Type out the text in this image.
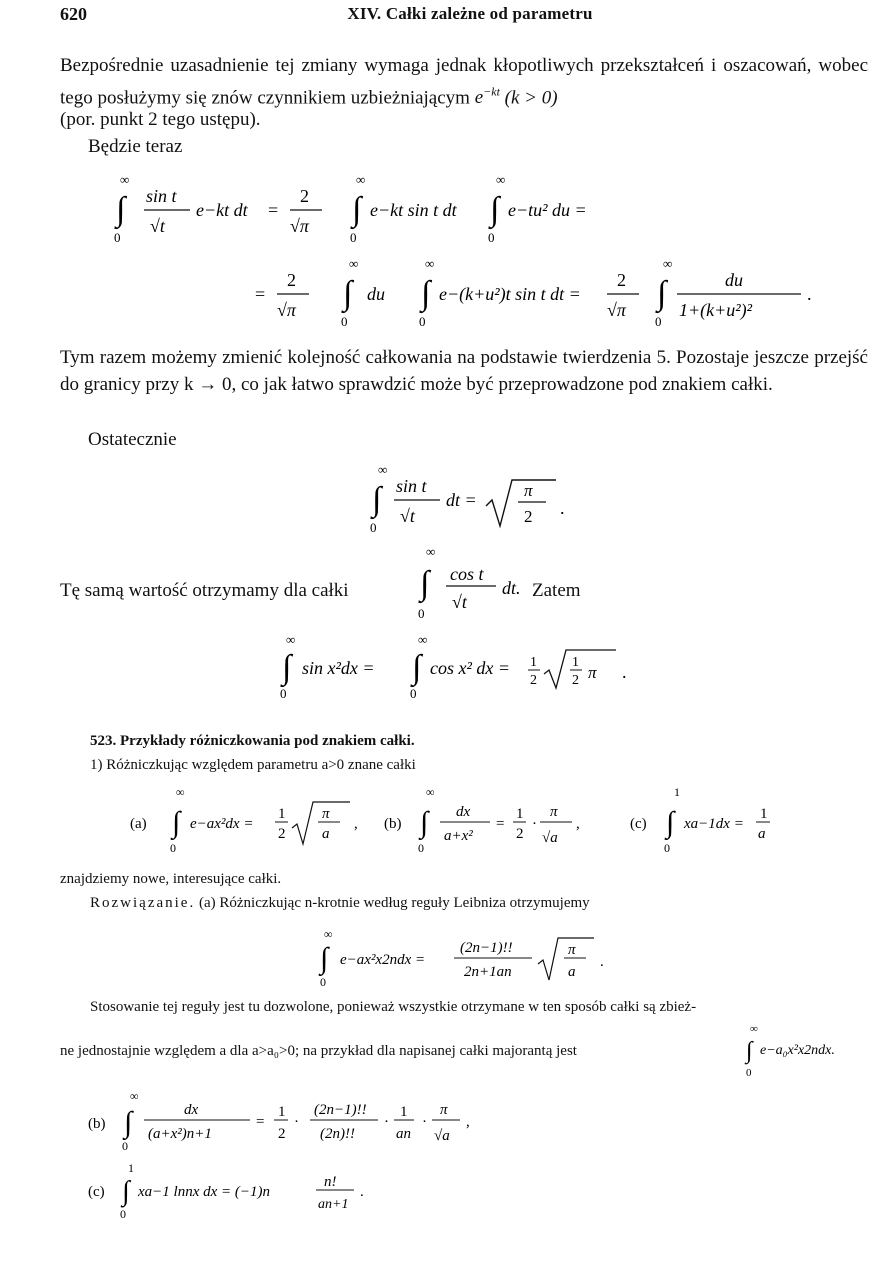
620	XIV. Całki zależne od parametru

Bezpośrednie uzasadnienie tej zmiany wymaga jednak kłopotliwych przekształceń i oszacowań, wobec tego posłużymy się znów czynnikiem uzbieżniającym $e^{-kt}$ (k > 0)

(por. punkt 2 tego ustępu).

Będzie teraz

∞
∫
0
sin t
√t
e−kt dt =
2
√π
∞
∫
0
e−kt sin t dt
∞
∫
0
e−tu² du =
=
2
√π
∞
∫
0
du
∞
∫
0
e−(k+u²)t sin t dt =
2
√π
∞
∫
0
du
1+(k+u²)²
.

Tym razem możemy zmienić kolejność całkowania na podstawie twierdzenia 5. Pozostaje jeszcze przejść do granicy przy k → 0, co jak łatwo sprawdzić może być przeprowadzone pod znakiem całki.

Ostatecznie

∞
∫
0
sin t
√t
dt =	π
2 .

Tę samą wartość otrzymamy dla całki

∞
∫
0
cos t
√t
dt. Zatem

∞
∫
0
sin x²dx =
∞
∫
0
cos x² dx = 1
2
1
2 π .

523. Przykłady różniczkowania pod znakiem całki.

1) Różniczkując względem parametru a>0 znane całki

(a)
∞
∫
0
e−ax²dx =
1
2
π
a
, (b)
∞
∫
0
dx
a+x²
=
1
2
·
π
√a
,	(c)
1
∫
0
xa−1dx =
1
a

znajdziemy nowe, interesujące całki.

Rozwiązanie. (a) Różniczkując n-krotnie według reguły Leibniza otrzymujemy

∞
∫
0
e−ax²x2ndx =
(2n−1)!!
2n+1an
π
a
.

Stosowanie tej reguły jest tu dozwolone, ponieważ wszystkie otrzymane w ten sposób całki są zbież-

ne jednostajnie względem a dla a>a₀>0; na przykład dla napisanej całki majorantą jest

∞
∫
0
e−a₀x²x2ndx.
(b)
∞
∫
0
dx
(a+x²)n+1
=
1
2
·
(2n−1)!!
(2n)!!
·
1
an
·
π
√a
,
(c)
1
∫
0
xa−1 lnnx dx = (−1)n
n!
an+1
.
